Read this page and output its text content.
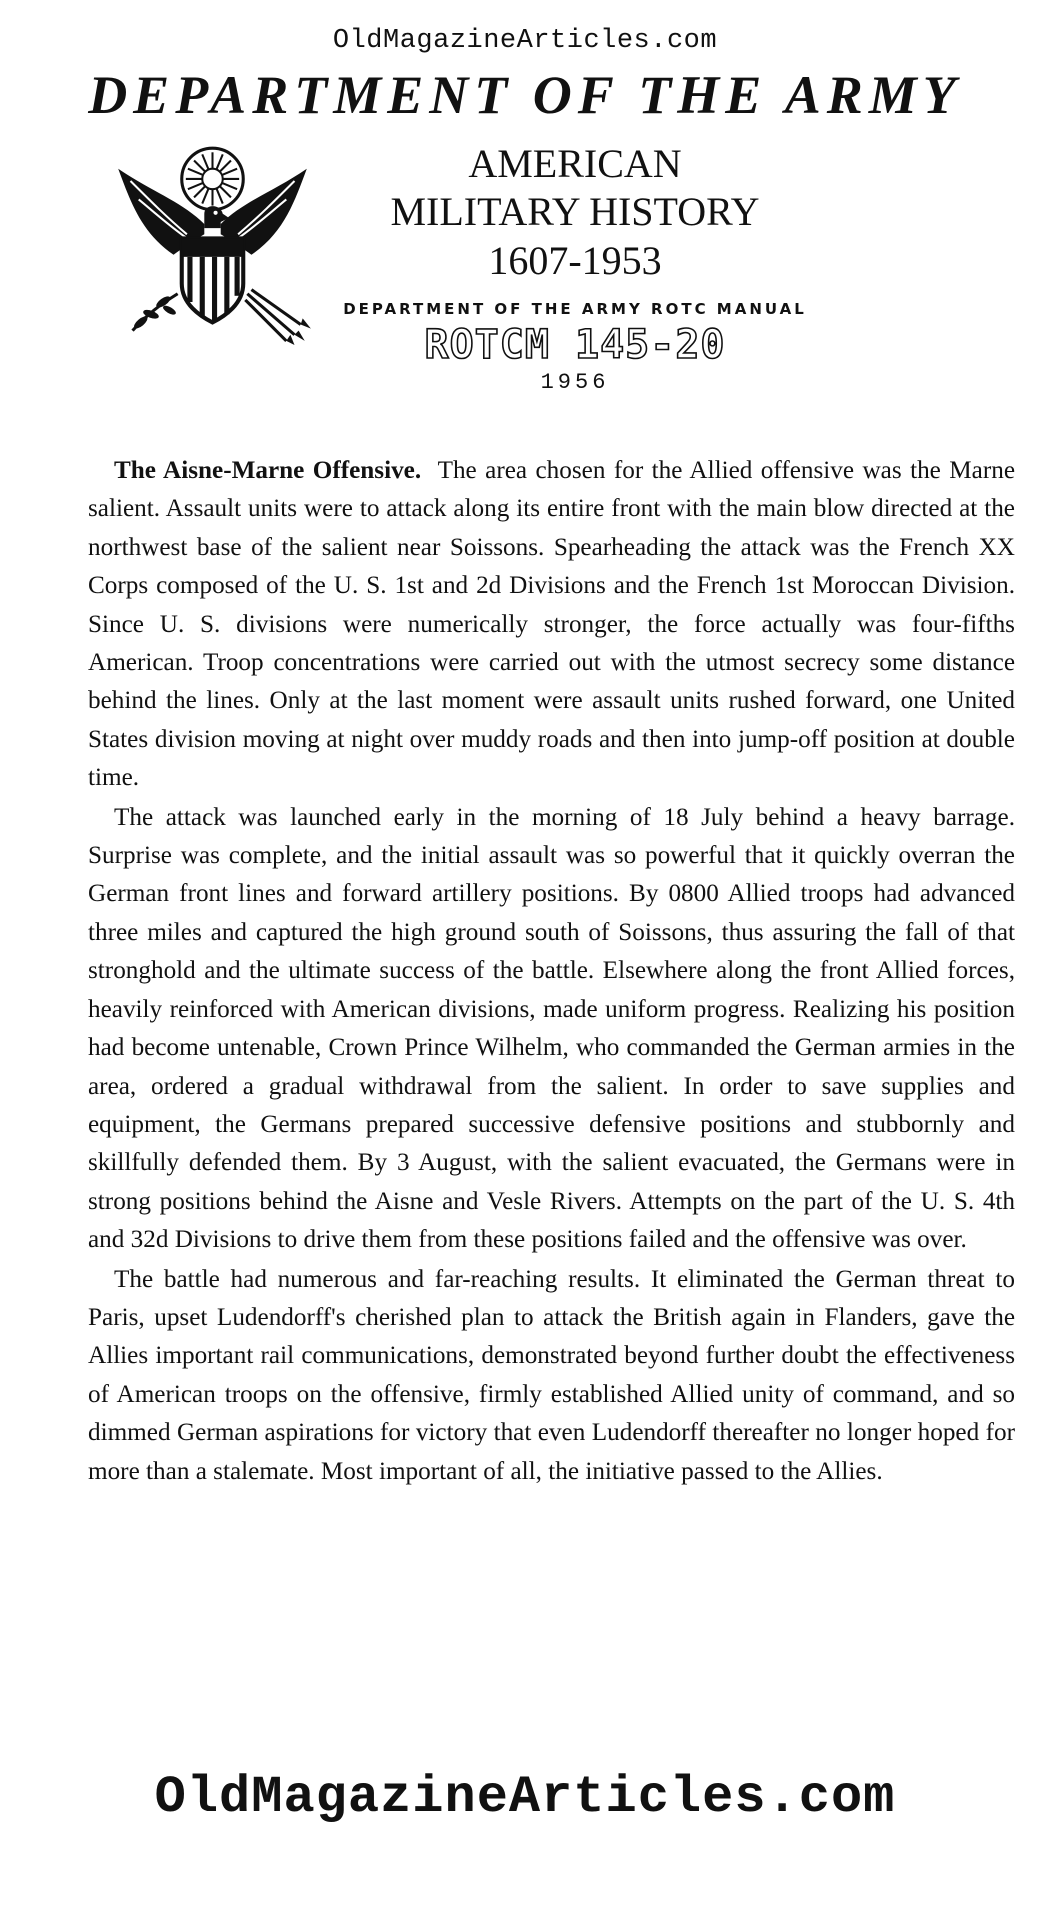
OldMagazineArticles.com
DEPARTMENT OF THE ARMY
AMERICAN
MILITARY HISTORY
1607-1953
DEPARTMENT OF THE ARMY ROTC MANUAL
ROTCM 145-20
1956

The Aisne-Marne Offensive. The area chosen for the Allied offensive was the Marne salient. Assault units were to attack along its entire front with the main blow directed at the northwest base of the salient near Soissons. Spearheading the attack was the French XX Corps composed of the U. S. 1st and 2d Divisions and the French 1st Moroccan Division. Since U. S. divisions were numerically stronger, the force actually was four-fifths American. Troop concentrations were carried out with the utmost secrecy some distance behind the lines. Only at the last moment were assault units rushed forward, one United States division moving at night over muddy roads and then into jump-off position at double time.

The attack was launched early in the morning of 18 July behind a heavy barrage. Surprise was complete, and the initial assault was so powerful that it quickly overran the German front lines and forward artillery positions. By 0800 Allied troops had advanced three miles and captured the high ground south of Soissons, thus assuring the fall of that stronghold and the ultimate success of the battle. Elsewhere along the front Allied forces, heavily reinforced with American divisions, made uniform progress. Realizing his position had become untenable, Crown Prince Wilhelm, who commanded the German armies in the area, ordered a gradual withdrawal from the salient. In order to save supplies and equipment, the Germans prepared successive defensive positions and stubbornly and skillfully defended them. By 3 August, with the salient evacuated, the Germans were in strong positions behind the Aisne and Vesle Rivers. Attempts on the part of the U. S. 4th and 32d Divisions to drive them from these positions failed and the offensive was over.

The battle had numerous and far-reaching results. It eliminated the German threat to Paris, upset Ludendorff's cherished plan to attack the British again in Flanders, gave the Allies important rail communications, demonstrated beyond further doubt the effectiveness of American troops on the offensive, firmly established Allied unity of command, and so dimmed German aspirations for victory that even Ludendorff thereafter no longer hoped for more than a stalemate. Most important of all, the initiative passed to the Allies.

OldMagazineArticles.com
